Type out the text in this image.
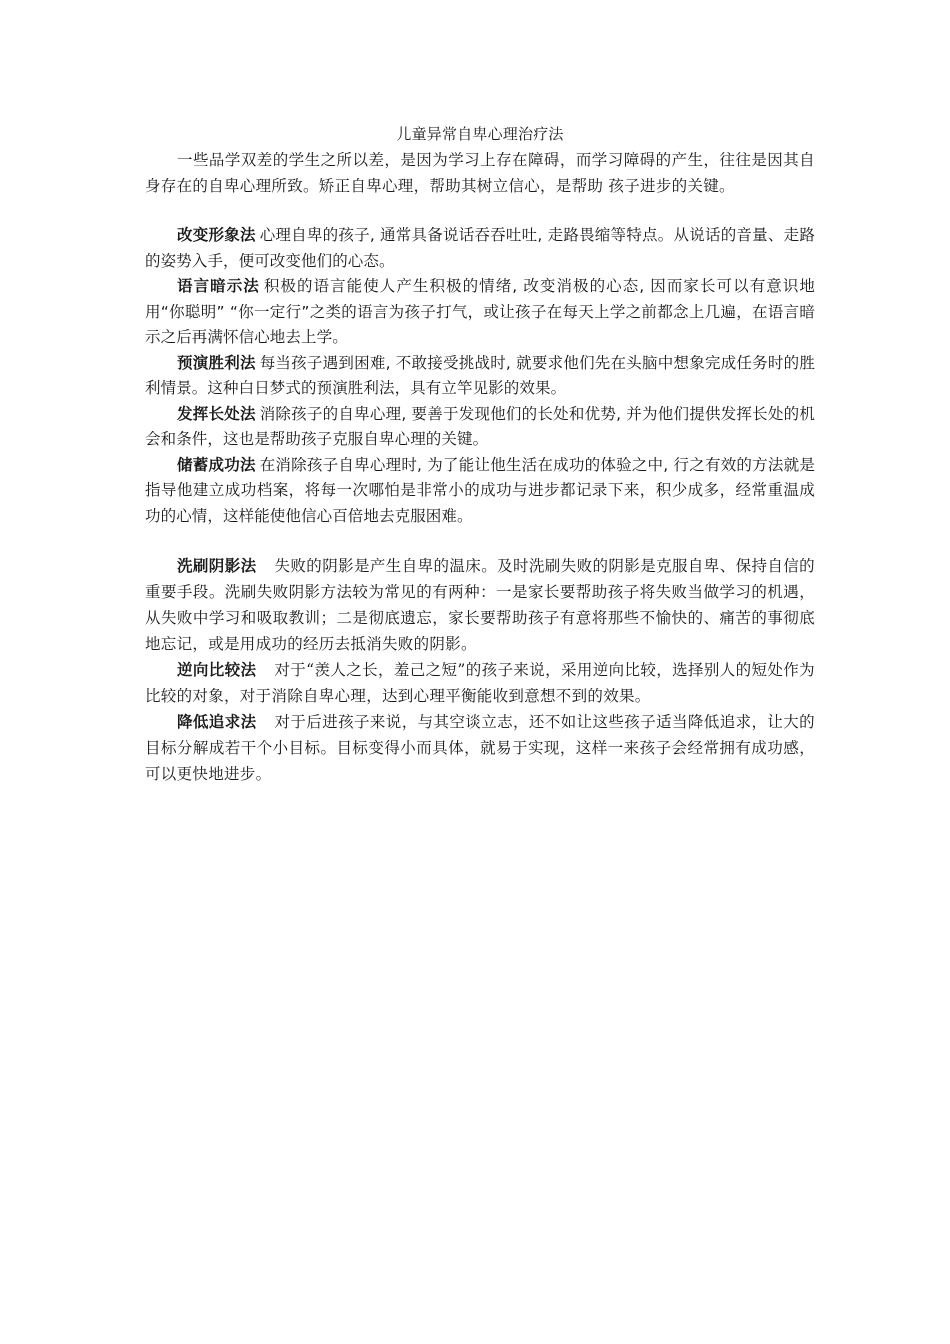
儿童异常自卑心理治疗法

一些品学双差的学生之所以差，是因为学习上存在障碍，而学习障碍的产生，往往是因其自身存在的自卑心理所致。矫正自卑心理，帮助其树立信心，是帮助 孩子进步的关键。

改变形象法 心理自卑的孩子, 通常具备说话吞吞吐吐, 走路畏缩等特点。从说话的音量、走路的姿势入手，便可改变他们的心态。

语言暗示法 积极的语言能使人产生积极的情绪, 改变消极的心态, 因而家长可以有意识地用“你聪明” “你一定行”之类的语言为孩子打气，或让孩子在每天上学之前都念上几遍，在语言暗示之后再满怀信心地去上学。

预演胜利法 每当孩子遇到困难, 不敢接受挑战时, 就要求他们先在头脑中想象完成任务时的胜利情景。这种白日梦式的预演胜利法，具有立竿见影的效果。

发挥长处法 消除孩子的自卑心理, 要善于发现他们的长处和优势, 并为他们提供发挥长处的机会和条件，这也是帮助孩子克服自卑心理的关键。

储蓄成功法 在消除孩子自卑心理时, 为了能让他生活在成功的体验之中, 行之有效的方法就是指导他建立成功档案，将每一次哪怕是非常小的成功与进步都记录下来，积少成多，经常重温成功的心情，这样能使他信心百倍地去克服困难。

洗刷阴影法 失败的阴影是产生自卑的温床。及时洗刷失败的阴影是克服自卑、保持自信的重要手段。洗刷失败阴影方法较为常见的有两种：一是家长要帮助孩子将失败当做学习的机遇，从失败中学习和吸取教训；二是彻底遗忘，家长要帮助孩子有意将那些不愉快的、痛苦的事彻底地忘记，或是用成功的经历去抵消失败的阴影。

逆向比较法 对于“羡人之长，羞己之短”的孩子来说，采用逆向比较，选择别人的短处作为比较的对象，对于消除自卑心理，达到心理平衡能收到意想不到的效果。

降低追求法 对于后进孩子来说，与其空谈立志，还不如让这些孩子适当降低追求，让大的目标分解成若干个小目标。目标变得小而具体，就易于实现，这样一来孩子会经常拥有成功感，可以更快地进步。
